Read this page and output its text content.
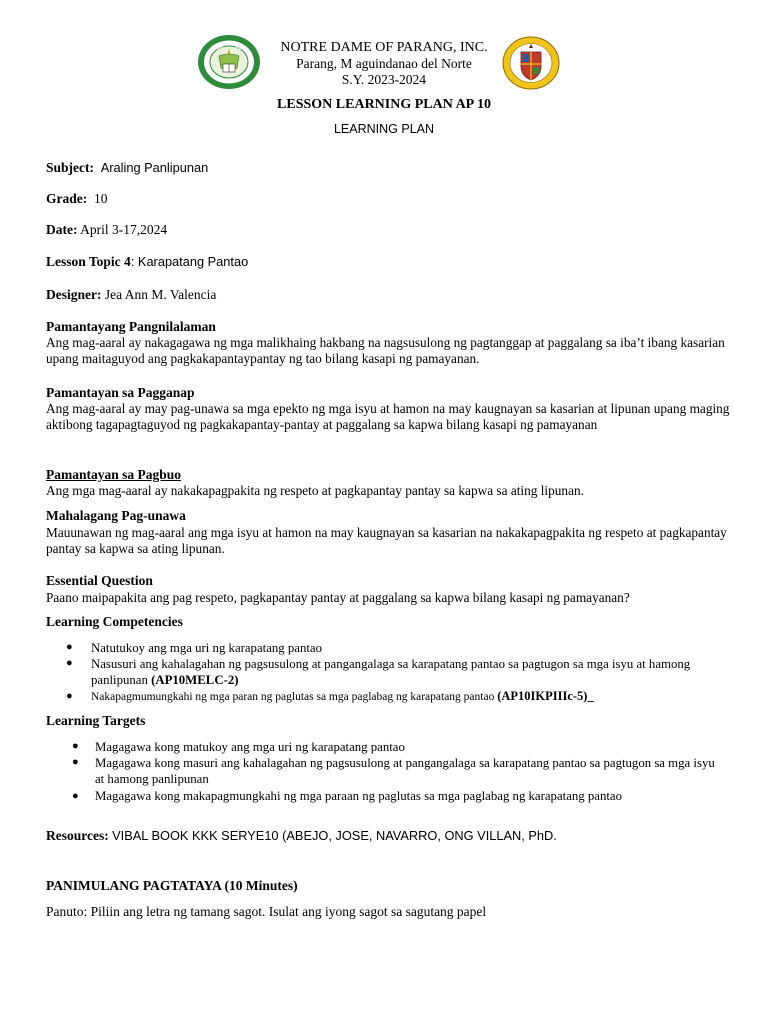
NOTRE DAME OF PARANG, INC.
Parang, M aguindanao del Norte
S.Y. 2023-2024
LESSON LEARNING PLAN AP 10
LEARNING PLAN
Subject: Araling Panlipunan
Grade: 10
Date: April 3-17,2024
Lesson Topic 4: Karapatang Pantao
Designer: Jea Ann M. Valencia
Pamantayang Pangnilalaman
Ang mag-aaral ay nakagagawa ng mga malikhaing hakbang na nagsusulong ng pagtanggap at paggalang sa iba’t ibang kasarian upang maitaguyod ang pagkakapantaypantay ng tao bilang kasapi ng pamayanan.
Pamantayan sa Pagganap
Ang mag-aaral ay may pag-unawa sa mga epekto ng mga isyu at hamon na may kaugnayan sa kasarian at lipunan upang maging aktibong tagapagtaguyod ng pagkakapantay-pantay at paggalang sa kapwa bilang kasapi ng pamayanan
Pamantayan sa Pagbuo
Ang mga mag-aaral ay nakakapagpakita ng respeto at pagkapantay pantay sa kapwa sa ating lipunan.
Mahalagang Pag-unawa
Mauunawan ng mag-aaral ang mga isyu at hamon na may kaugnayan sa kasarian na nakakapagpakita ng respeto at pagkapantay pantay sa kapwa sa ating lipunan.
Essential Question
Paano maipapakita ang pag respeto, pagkapantay pantay at paggalang sa kapwa bilang kasapi ng pamayanan?
Learning Competencies
● Natutukoy ang mga uri ng karapatang pantao
● Nasusuri ang kahalagahan ng pagsusulong at pangangalaga sa karapatang pantao sa pagtugon sa mga isyu at hamong panlipunan (AP10MELC-2)
● Nakapagmumungkahi ng mga paran ng paglutas sa mga paglabag ng karapatang pantao (AP10IKPIIIc-5)_
Learning Targets
● Magagawa kong matukoy ang mga uri ng karapatang pantao
● Magagawa kong masuri ang kahalagahan ng pagsusulong at pangangalaga sa karapatang pantao sa pagtugon sa mga isyu at hamong panlipunan
● Magagawa kong makapagmungkahi ng mga paraan ng paglutas sa mga paglabag ng karapatang pantao
Resources: VIBAL BOOK KKK SERYE10 (ABEJO, JOSE, NAVARRO, ONG VILLAN, PhD.
PANIMULANG PAGTATAYA (10 Minutes)
Panuto: Piliin ang letra ng tamang sagot. Isulat ang iyong sagot sa sagutang papel
